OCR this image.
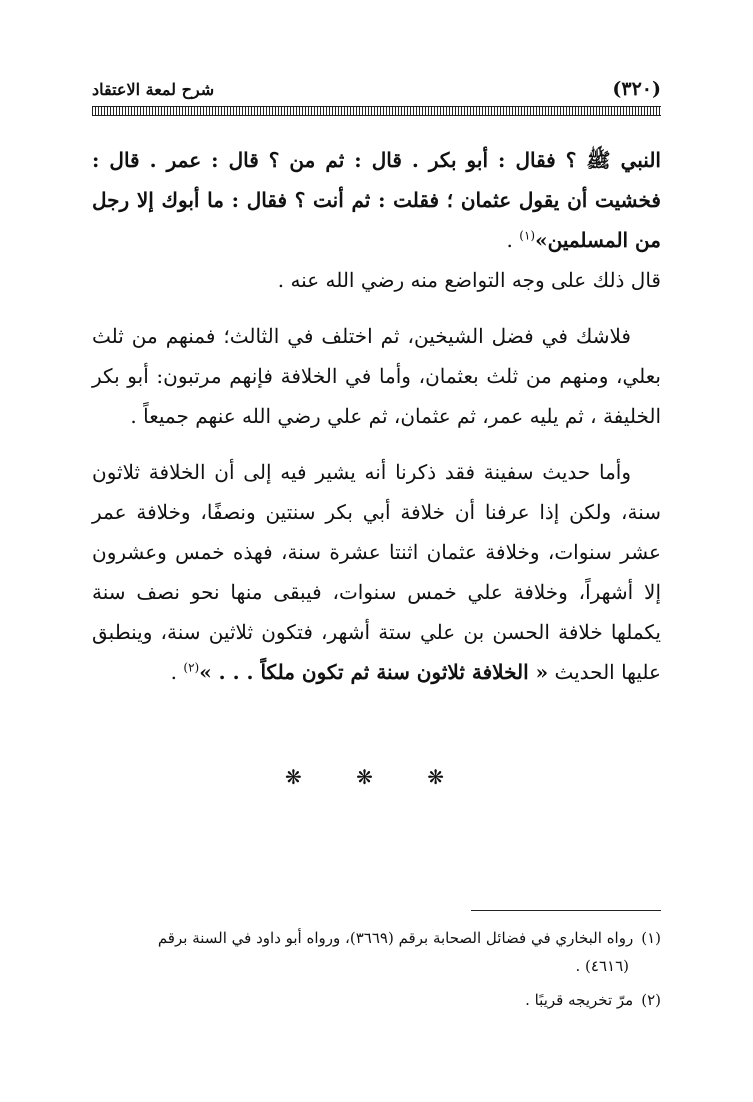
(٣٢٠)
شرح لمعة الاعتقاد

النبي ﷺ ؟ فقال : أبو بكر . قال : ثم من ؟ قال : عمر . قال : فخشيت أن يقول عثمان ؛ فقلت : ثم أنت ؟ فقال : ما أبوك إلا رجل من المسلمين»$^{(١)}$ .
قال ذلك على وجه التواضع منه رضي الله عنه .

فلاشك في فضل الشيخين، ثم اختلف في الثالث؛ فمنهم من ثلث بعلي، ومنهم من ثلث بعثمان، وأما في الخلافة فإنهم مرتبون: أبو بكر الخليفة ، ثم يليه عمر، ثم عثمان، ثم علي رضي الله عنهم جميعاً .

وأما حديث سفينة فقد ذكرنا أنه يشير فيه إلى أن الخلافة ثلاثون سنة، ولكن إذا عرفنا أن خلافة أبي بكر سنتين ونصفًا، وخلافة عمر عشر سنوات، وخلافة عثمان اثنتا عشرة سنة، فهذه خمس وعشرون إلا أشهراً، وخلافة علي خمس سنوات، فيبقى منها نحو نصف سنة يكملها خلافة الحسن بن علي ستة أشهر، فتكون ثلاثين سنة، وينطبق عليها الحديث « الخلافة ثلاثون سنة ثم تكون ملكاً . . . »$^{(٢)}$ .

❋ ❋ ❋
(١)رواه البخاري في فضائل الصحابة برقم (٣٦٦٩)، ورواه أبو داود في السنة برقم
(٤٦١٦) .
(٢)مرّ تخريجه قريبًا .
